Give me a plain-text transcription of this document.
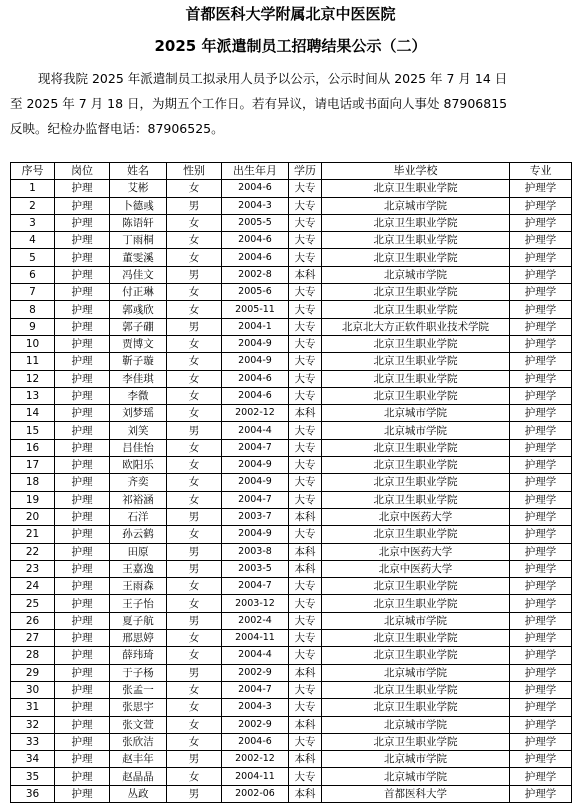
首都医科大学附属北京中医医院
2025 年派遣制员工招聘结果公示（二）
现将我院 2025 年派遣制员工拟录用人员予以公示，公示时间从 2025 年 7 月 14 日
至 2025 年 7 月 18 日，为期五个工作日。若有异议，请电话或书面向人事处 87906815
反映。纪检办监督电话：87906525。
序号	岗位	姓名	性别	出生年月	学历	毕业学校	专业
1	护理	艾彬	女	2004-6	大专	北京卫生职业学院	护理学
2	护理	卜德彧	男	2004-3	大专	北京城市学院	护理学
3	护理	陈语轩	女	2005-5	大专	北京卫生职业学院	护理学
4	护理	丁雨桐	女	2004-6	大专	北京卫生职业学院	护理学
5	护理	董雯溪	女	2004-6	大专	北京卫生职业学院	护理学
6	护理	冯佳文	男	2002-8	本科	北京城市学院	护理学
7	护理	付正琳	女	2005-6	大专	北京卫生职业学院	护理学
8	护理	郭彧欣	女	2005-11	大专	北京卫生职业学院	护理学
9	护理	郭子硼	男	2004-1	大专	北京北大方正软件职业技术学院	护理学
10	护理	贾博文	女	2004-9	大专	北京卫生职业学院	护理学
11	护理	靳子璇	女	2004-9	大专	北京卫生职业学院	护理学
12	护理	李佳琪	女	2004-6	大专	北京卫生职业学院	护理学
13	护理	李微	女	2004-6	大专	北京卫生职业学院	护理学
14	护理	刘梦瑶	女	2002-12	本科	北京城市学院	护理学
15	护理	刘笑	男	2004-4	大专	北京城市学院	护理学
16	护理	吕佳怡	女	2004-7	大专	北京卫生职业学院	护理学
17	护理	欧阳乐	女	2004-9	大专	北京卫生职业学院	护理学
18	护理	齐奕	女	2004-9	大专	北京卫生职业学院	护理学
19	护理	祁裕涵	女	2004-7	大专	北京卫生职业学院	护理学
20	护理	石洋	男	2003-7	本科	北京中医药大学	护理学
21	护理	孙云鹤	女	2004-9	大专	北京卫生职业学院	护理学
22	护理	田原	男	2003-8	本科	北京中医药大学	护理学
23	护理	王嘉逸	男	2003-5	本科	北京中医药大学	护理学
24	护理	王雨森	女	2004-7	大专	北京卫生职业学院	护理学
25	护理	王子怡	女	2003-12	大专	北京卫生职业学院	护理学
26	护理	夏子航	男	2002-4	大专	北京城市学院	护理学
27	护理	邢思婷	女	2004-11	大专	北京卫生职业学院	护理学
28	护理	薛玮琦	女	2004-4	大专	北京卫生职业学院	护理学
29	护理	于子杨	男	2002-9	本科	北京城市学院	护理学
30	护理	张孟一	女	2004-7	大专	北京卫生职业学院	护理学
31	护理	张思宇	女	2004-3	大专	北京卫生职业学院	护理学
32	护理	张文萱	女	2002-9	本科	北京城市学院	护理学
33	护理	张欣洁	女	2004-6	大专	北京卫生职业学院	护理学
34	护理	赵丰年	男	2002-12	本科	北京城市学院	护理学
35	护理	赵晶晶	女	2004-11	大专	北京城市学院	护理学
36	护理	丛政	男	2002-06	本科	首都医科大学	护理学
